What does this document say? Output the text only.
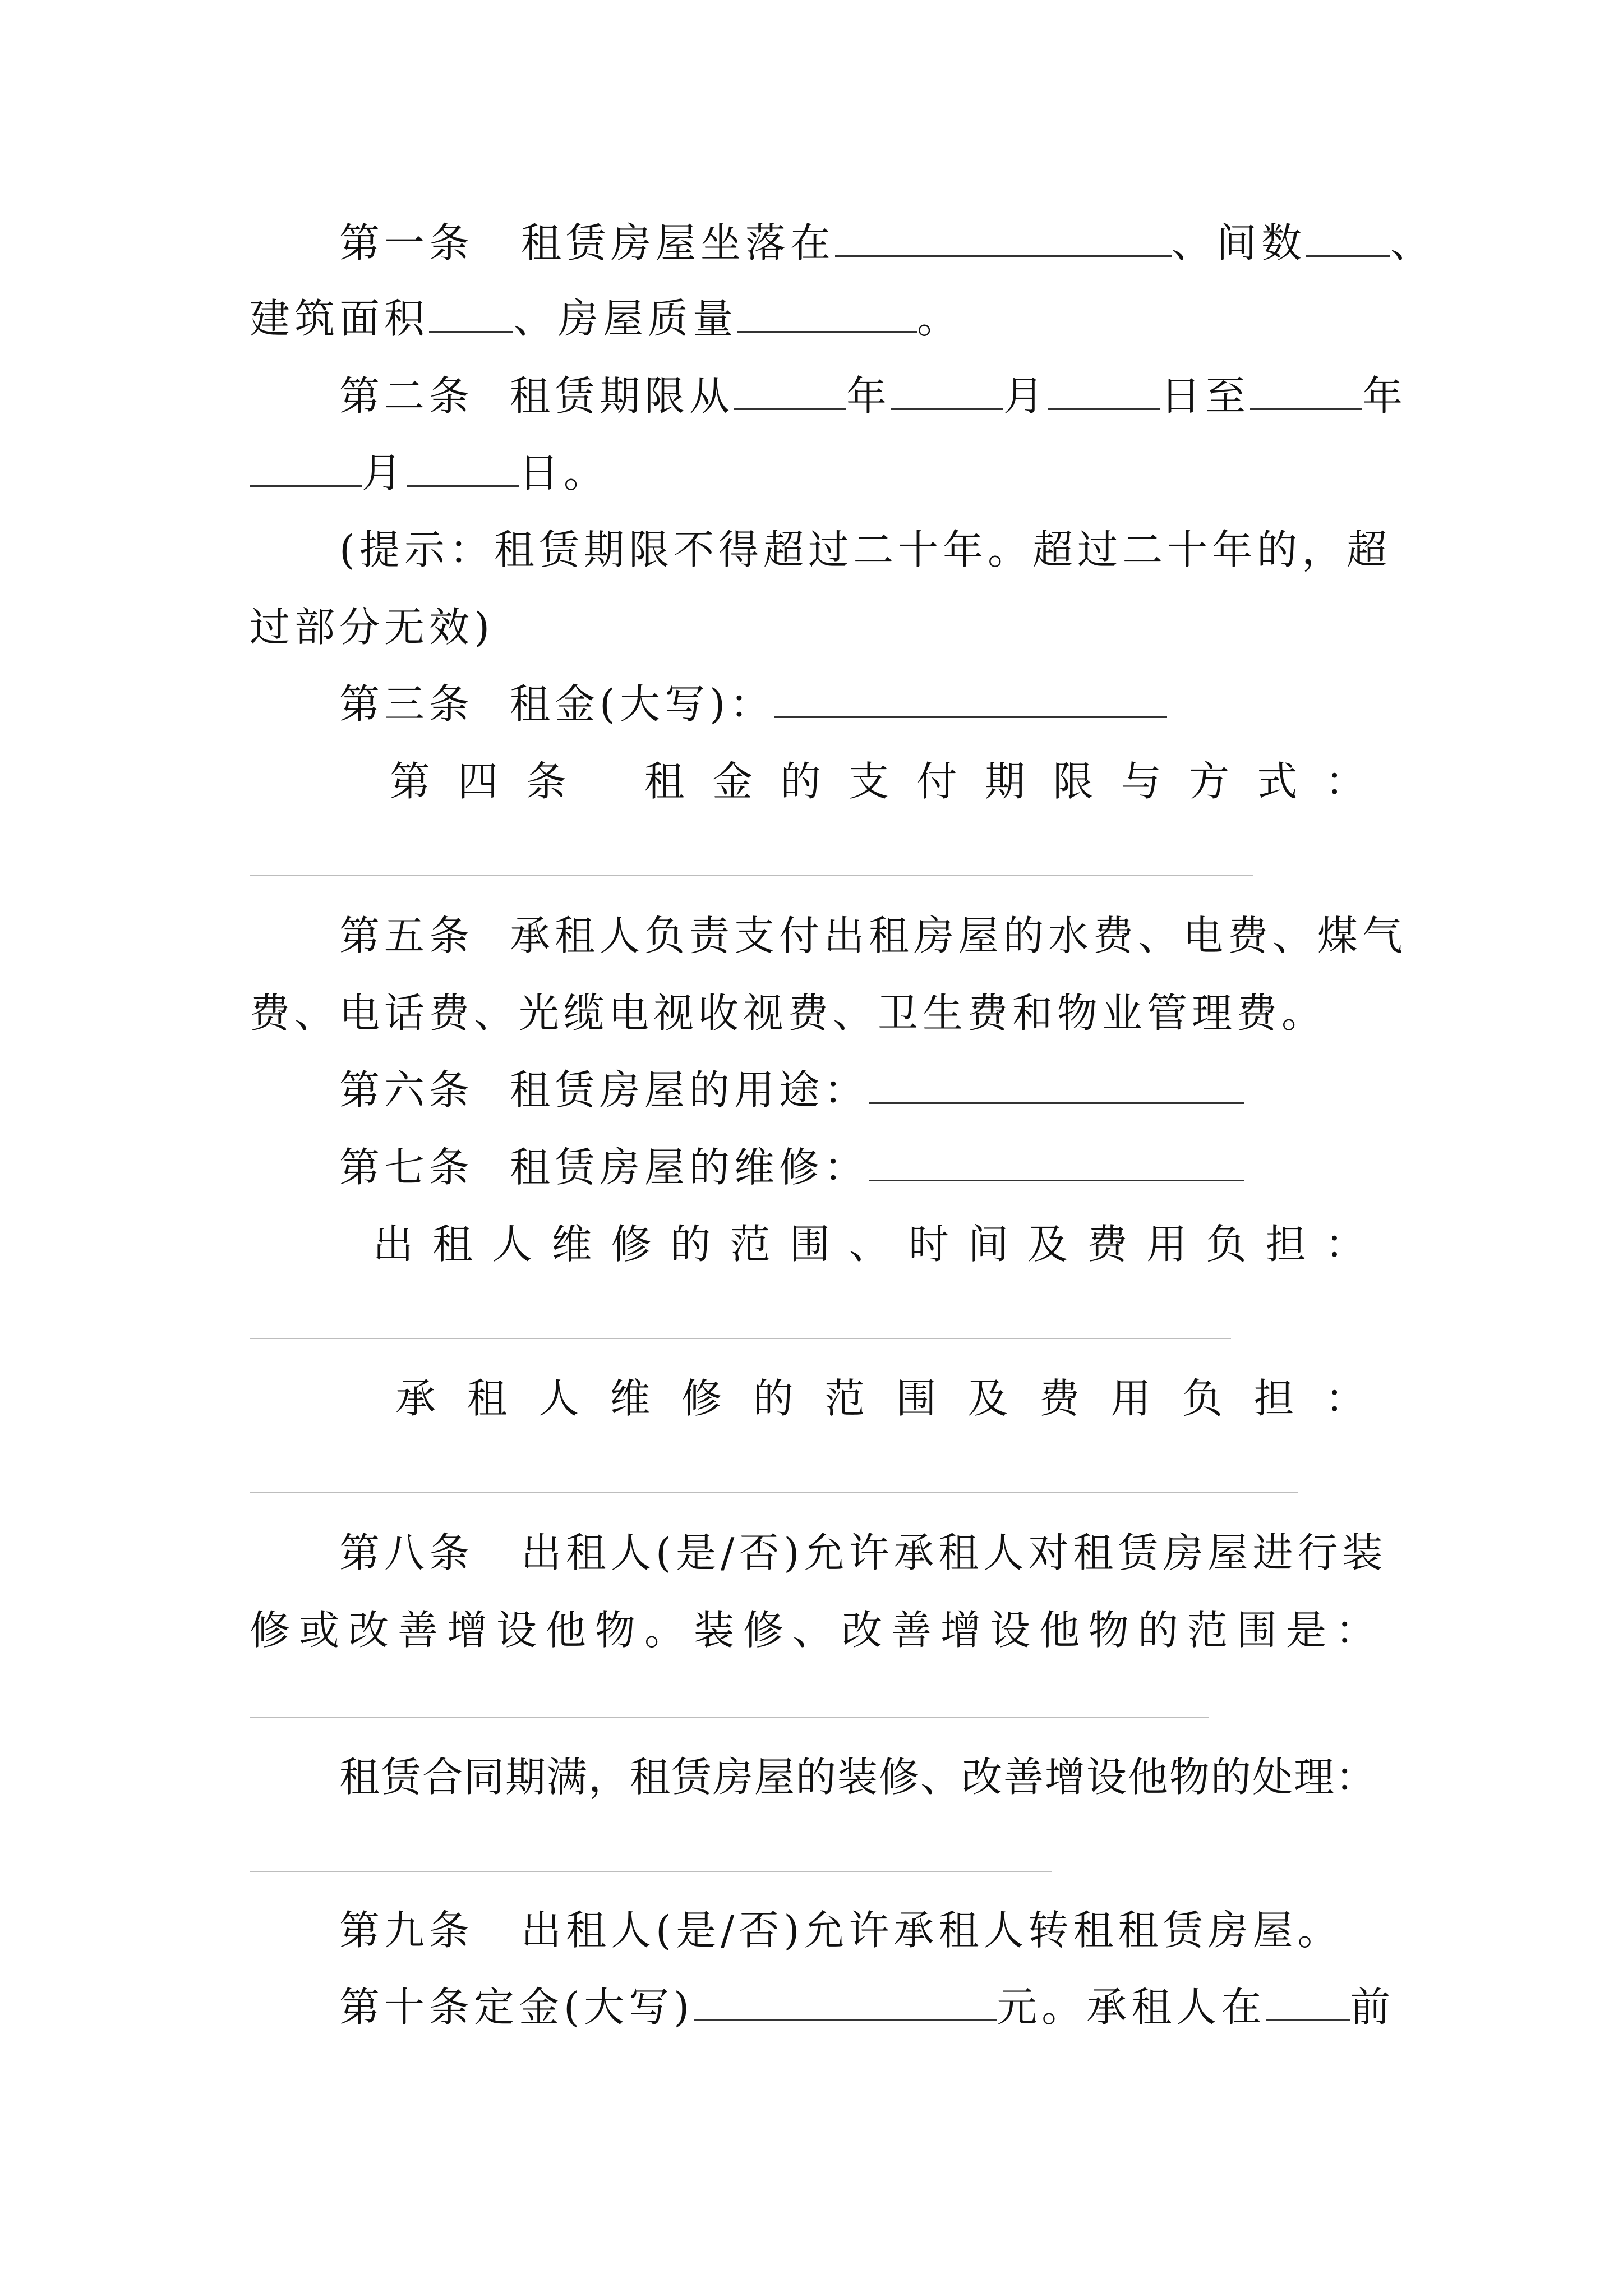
第一条 租赁房屋坐落在	、间数 、
建筑面积 、房屋质量	。
第二条 租赁期限从	年	月	日至	年
月	日。
(提示：租赁期限不得超过二十年。超过二十年的，超
过部分无效)
第三条 租金(大写)：
第 四 条 租 金 的 支 付 期 限 与 方 式 ：
第五条 承租人负责支付出租房屋的水费、电费、煤气
费、电话费、光缆电视收视费、卫生费和物业管理费。
第六条 租赁房屋的用途：
第七条 租赁房屋的维修：
出 租 人 维 修 的 范 围 、 时 间 及 费 用 负 担 ：
承 租 人 维 修 的 范 围 及 费 用 负 担 ：
第八条 出租人(是/否)允许承租人对租赁房屋进行装
修或改善增设他物。装修、改善增设他物的范围是：
租赁合同期满，租赁房屋的装修、改善增设他物的处理：
第九条 出租人(是/否)允许承租人转租租赁房屋。
第十条定金(大写)	元。承租人在 前
